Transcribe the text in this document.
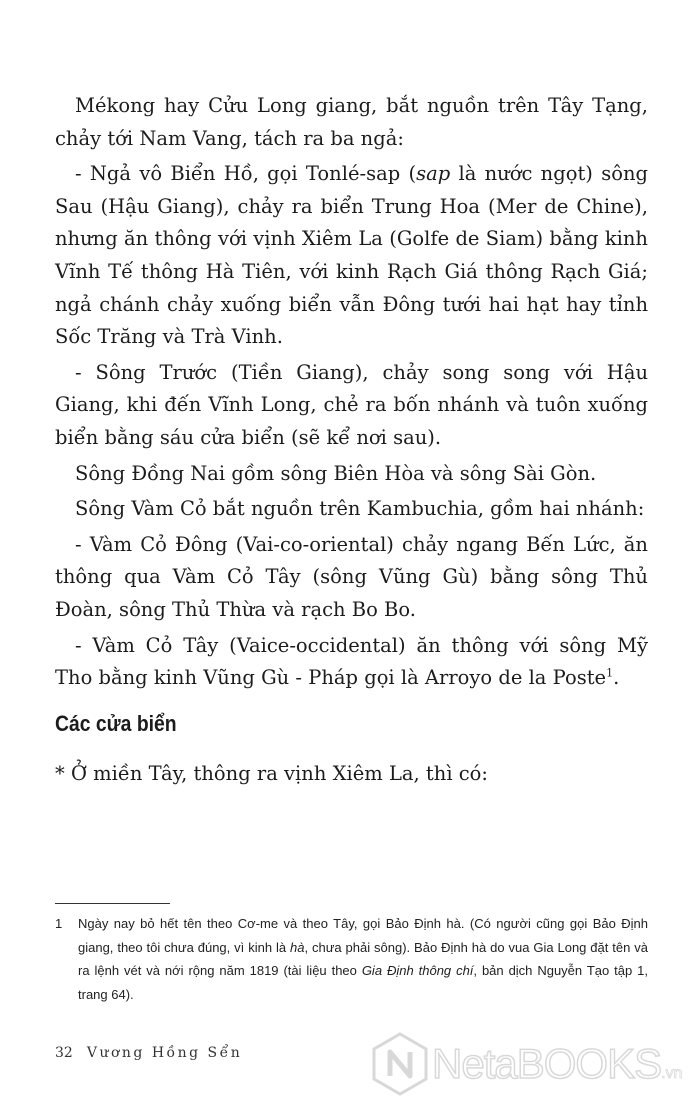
Mékong hay Cửu Long giang, bắt nguồn trên Tây Tạng, chảy tới Nam Vang, tách ra ba ngả:

- Ngả vô Biển Hồ, gọi Tonlé-sap (sap là nước ngọt) sông Sau (Hậu Giang), chảy ra biển Trung Hoa (Mer de Chine), nhưng ăn thông với vịnh Xiêm La (Golfe de Siam) bằng kinh Vĩnh Tế thông Hà Tiên, với kinh Rạch Giá thông Rạch Giá; ngả chánh chảy xuống biển vẫn Đông tưới hai hạt hay tỉnh Sốc Trăng và Trà Vinh.

- Sông Trước (Tiền Giang), chảy song song với Hậu Giang, khi đến Vĩnh Long, chẻ ra bốn nhánh và tuôn xuống biển bằng sáu cửa biển (sẽ kể nơi sau).

Sông Đồng Nai gồm sông Biên Hòa và sông Sài Gòn.

Sông Vàm Cỏ bắt nguồn trên Kambuchia, gồm hai nhánh:

- Vàm Cỏ Đông (Vai-co-oriental) chảy ngang Bến Lức, ăn thông qua Vàm Cỏ Tây (sông Vũng Gù) bằng sông Thủ Đoàn, sông Thủ Thừa và rạch Bo Bo.

- Vàm Cỏ Tây (Vaice-occidental) ăn thông với sông Mỹ Tho bằng kinh Vũng Gù - Pháp gọi là Arroyo de la Poste$^1$.

Các cửa biển
* Ở miền Tây, thông ra vịnh Xiêm La, thì có:
1 Ngày nay bỏ hết tên theo Cơ-me và theo Tây, gọi Bảo Định hà. (Có người cũng gọi Bảo Định giang, theo tôi chưa đúng, vì kinh là hà, chưa phải sông). Bảo Định hà do vua Gia Long đặt tên và ra lệnh vét và nới rộng năm 1819 (tài liệu theo Gia Định thông chí, bản dịch Nguyễn Tạo tập 1, trang 64).
32 Vương Hồng Sển	NetaBOOKS.vn
